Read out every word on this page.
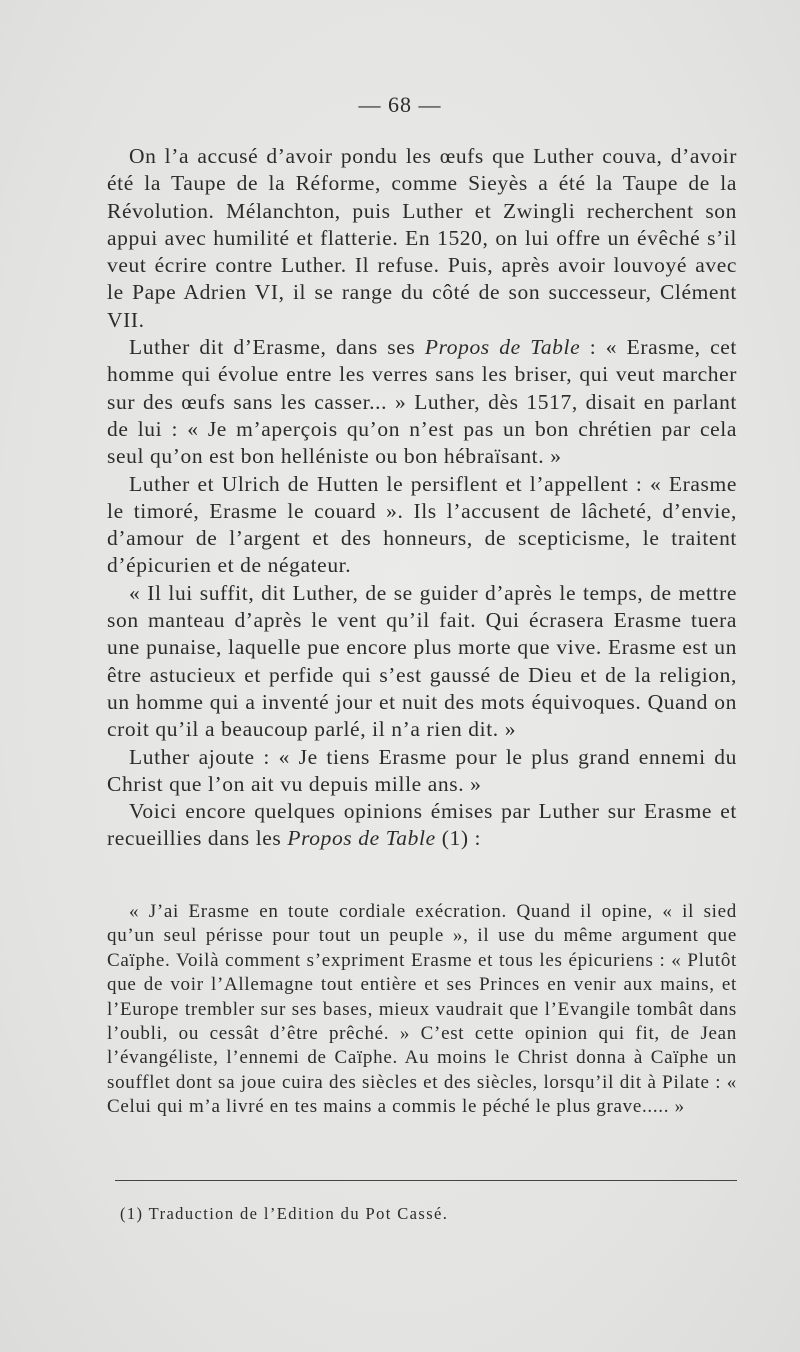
— 68 —

On l’a accusé d’avoir pondu les œufs que Luther couva, d’avoir été la Taupe de la Réforme, comme Sieyès a été la Taupe de la Révolution. Mélanchton, puis Luther et Zwingli recherchent son appui avec humilité et flatterie. En 1520, on lui offre un évêché s’il veut écrire contre Luther. Il refuse. Puis, après avoir louvoyé avec le Pape Adrien VI, il se range du côté de son successeur, Clément VII.

Luther dit d’Erasme, dans ses Propos de Table : « Erasme, cet homme qui évolue entre les verres sans les briser, qui veut marcher sur des œufs sans les casser... » Luther, dès 1517, disait en parlant de lui : « Je m’aperçois qu’on n’est pas un bon chrétien par cela seul qu’on est bon helléniste ou bon hébraïsant. »

Luther et Ulrich de Hutten le persiflent et l’appellent : « Erasme le timoré, Erasme le couard ». Ils l’accusent de lâcheté, d’envie, d’amour de l’argent et des honneurs, de scepticisme, le traitent d’épicurien et de négateur.

« Il lui suffit, dit Luther, de se guider d’après le temps, de mettre son manteau d’après le vent qu’il fait. Qui écrasera Erasme tuera une punaise, laquelle pue encore plus morte que vive. Erasme est un être astucieux et perfide qui s’est gaussé de Dieu et de la religion, un homme qui a inventé jour et nuit des mots équivoques. Quand on croit qu’il a beaucoup parlé, il n’a rien dit. »

Luther ajoute : « Je tiens Erasme pour le plus grand ennemi du Christ que l’on ait vu depuis mille ans. »

Voici encore quelques opinions émises par Luther sur Erasme et recueillies dans les Propos de Table (1) :

« J’ai Erasme en toute cordiale exécration. Quand il opine, « il sied qu’un seul périsse pour tout un peuple », il use du même argument que Caïphe. Voilà comment s’expriment Erasme et tous les épicuriens : « Plutôt que de voir l’Allemagne tout entière et ses Princes en venir aux mains, et l’Europe trembler sur ses bases, mieux vaudrait que l’Evangile tombât dans l’oubli, ou cessât d’être prêché. » C’est cette opinion qui fit, de Jean l’évangéliste, l’ennemi de Caïphe. Au moins le Christ donna à Caïphe un soufflet dont sa joue cuira des siècles et des siècles, lorsqu’il dit à Pilate : « Celui qui m’a livré en tes mains a commis le péché le plus grave..... »

(1) Traduction de l’Edition du Pot Cassé.
